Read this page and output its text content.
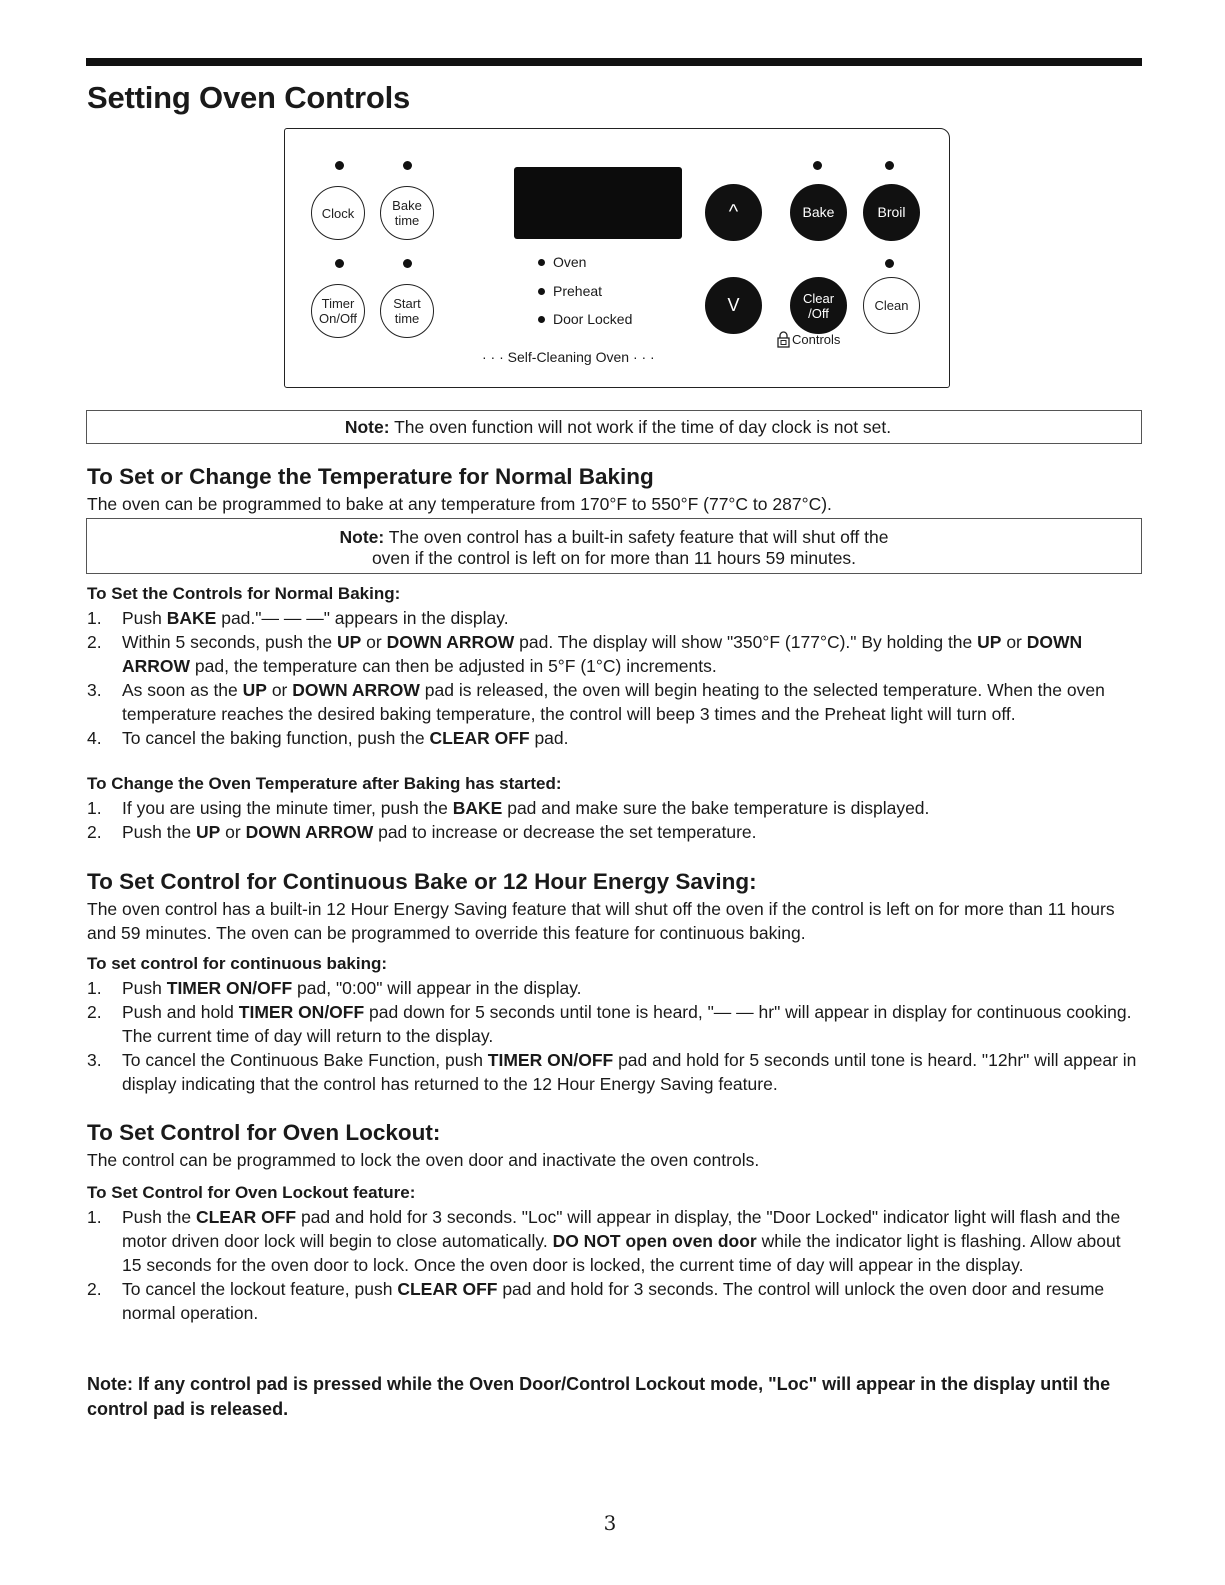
Setting Oven Controls
Clock	Bake time
Timer On/Off
Start time
Oven
Preheat
Door Locked
· · · Self-Cleaning Oven · · ·
^	Bake	Broil
V	Clear /Off	Clean
Controls
Note: The oven function will not work if the time of day clock is not set.
To Set or Change the Temperature for Normal Baking

The oven can be programmed to bake at any temperature from 170°F to 550°F (77°C to 287°C).

Note: The oven control has a built-in safety feature that will shut off the
oven if the control is left on for more than 11 hours 59 minutes.
To Set the Controls for Normal Baking:
1. Push BAKE pad."— — —" appears in the display.
2. Within 5 seconds, push the UP or DOWN ARROW pad. The display will show "350°F (177°C)." By holding the UP or DOWN ARROW pad, the temperature can then be adjusted in 5°F (1°C) increments.
3. As soon as the UP or DOWN ARROW pad is released, the oven will begin heating to the selected temperature. When the oven temperature reaches the desired baking temperature, the control will beep 3 times and the Preheat light will turn off.
4. To cancel the baking function, push the CLEAR OFF pad.
To Change the Oven Temperature after Baking has started:
1. If you are using the minute timer, push the BAKE pad and make sure the bake temperature is displayed.
2. Push the UP or DOWN ARROW pad to increase or decrease the set temperature.
To Set Control for Continuous Bake or 12 Hour Energy Saving:

The oven control has a built-in 12 Hour Energy Saving feature that will shut off the oven if the control is left on for more than 11 hours and 59 minutes. The oven can be programmed to override this feature for continuous baking.

To set control for continuous baking:
1. Push TIMER ON/OFF pad, "0:00" will appear in the display.
2. Push and hold TIMER ON/OFF pad down for 5 seconds until tone is heard, "— — hr" will appear in display for continuous cooking. The current time of day will return to the display.
3. To cancel the Continuous Bake Function, push TIMER ON/OFF pad and hold for 5 seconds until tone is heard. "12hr" will appear in display indicating that the control has returned to the 12 Hour Energy Saving feature.
To Set Control for Oven Lockout:

The control can be programmed to lock the oven door and inactivate the oven controls.

To Set Control for Oven Lockout feature:
1. Push the CLEAR OFF pad and hold for 3 seconds. "Loc" will appear in display, the "Door Locked" indicator light will flash and the motor driven door lock will begin to close automatically. DO NOT open oven door while the indicator light is flashing. Allow about 15 seconds for the oven door to lock. Once the oven door is locked, the current time of day will appear in the display.
2. To cancel the lockout feature, push CLEAR OFF pad and hold for 3 seconds. The control will unlock the oven door and resume normal operation.

Note: If any control pad is pressed while the Oven Door/Control Lockout mode, "Loc" will appear in the display until the control pad is released.

3
